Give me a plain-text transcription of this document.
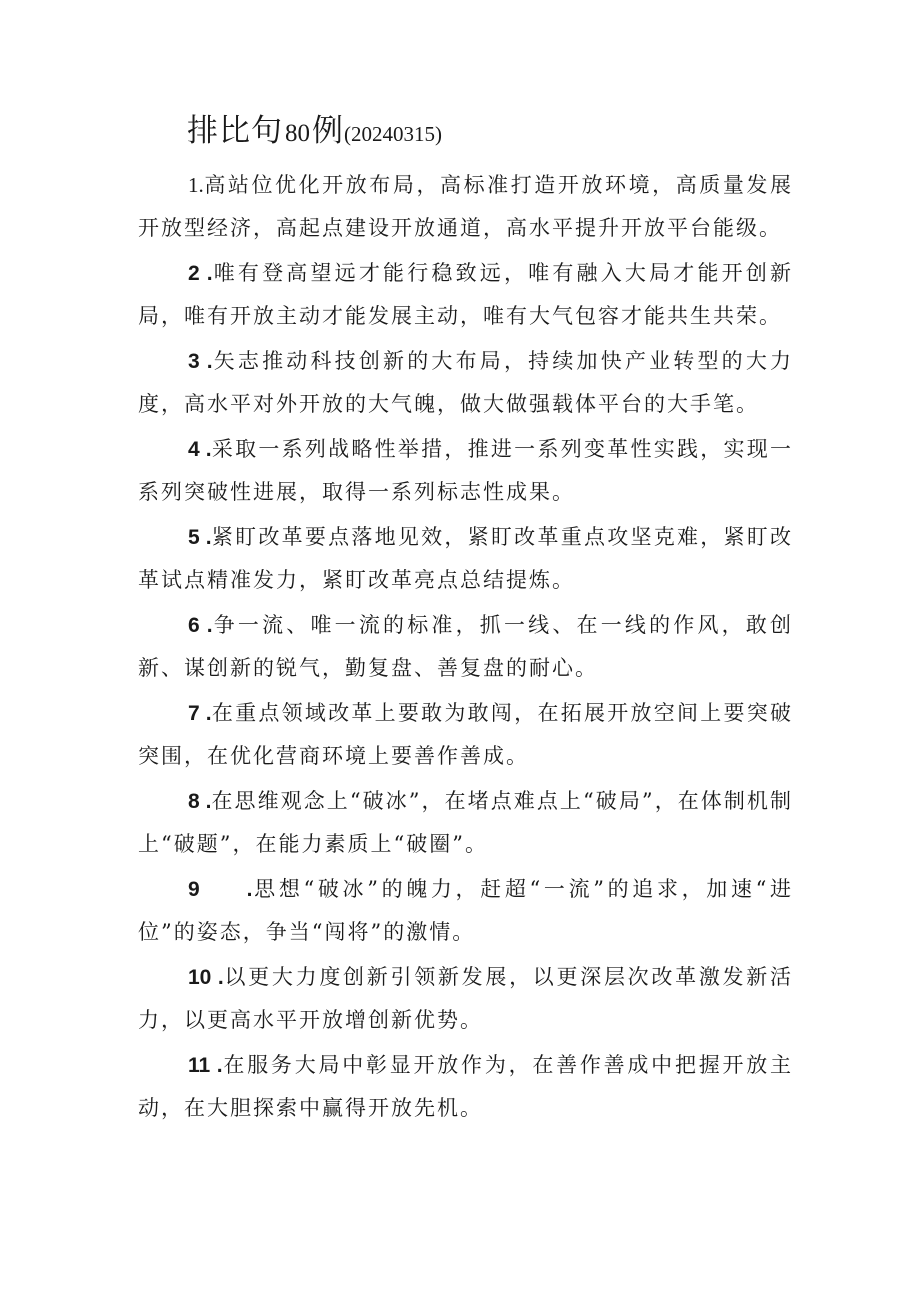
排比句80例(20240315)

1.高站位优化开放布局，高标准打造开放环境，高质量发展开放型经济，高起点建设开放通道，高水平提升开放平台能级。

2 .唯有登高望远才能行稳致远，唯有融入大局才能开创新局，唯有开放主动才能发展主动，唯有大气包容才能共生共荣。

3 .矢志推动科技创新的大布局，持续加快产业转型的大力度，高水平对外开放的大气魄，做大做强载体平台的大手笔。

4 .采取一系列战略性举措，推进一系列变革性实践，实现一系列突破性进展，取得一系列标志性成果。

5 .紧盯改革要点落地见效，紧盯改革重点攻坚克难，紧盯改革试点精准发力，紧盯改革亮点总结提炼。

6 .争一流、唯一流的标准，抓一线、在一线的作风，敢创新、谋创新的锐气，勤复盘、善复盘的耐心。

7 .在重点领域改革上要敢为敢闯，在拓展开放空间上要突破突围，在优化营商环境上要善作善成。

8 .在思维观念上“破冰”，在堵点难点上“破局”，在体制机制上“破题”，在能力素质上“破圈”。

9　　.思想“破冰”的魄力，赶超“一流”的追求，加速“进位”的姿态，争当“闯将”的激情。

10 .以更大力度创新引领新发展，以更深层次改革激发新活力，以更高水平开放增创新优势。

11 .在服务大局中彰显开放作为，在善作善成中把握开放主动，在大胆探索中赢得开放先机。
